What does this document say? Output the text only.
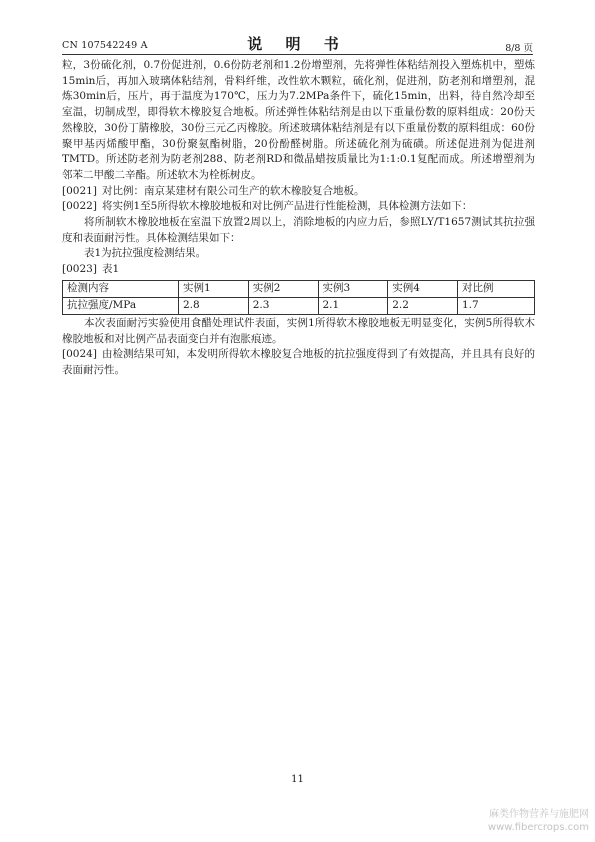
CN 107542249 A	说 明 书	8/8 页

粒，3份硫化剂，0.7份促进剂，0.6份防老剂和1.2份增塑剂，先将弹性体粘结剂投入塑炼机中，塑炼15min后，再加入玻璃体粘结剂，骨料纤维，改性软木颗粒，硫化剂，促进剂，防老剂和增塑剂，混炼30min后，压片，再于温度为170℃，压力为7.2MPa条件下，硫化15min，出料，待自然冷却至室温，切制成型，即得软木橡胶复合地板。所述弹性体粘结剂是由以下重量份数的原料组成：20份天然橡胶，30份丁腈橡胶，30份三元乙丙橡胶。所述玻璃体粘结剂是有以下重量份数的原料组成：60份聚甲基丙烯酸甲酯，30份聚氨酯树脂，20份酚醛树脂。所述硫化剂为硫磺。所述促进剂为促进剂TMTD。所述防老剂为防老剂288、防老剂RD和微晶蜡按质量比为1:1:0.1复配而成。所述增塑剂为邻苯二甲酸二辛酯。所述软木为栓栎树皮。

[0021] 对比例：南京某建材有限公司生产的软木橡胶复合地板。

[0022] 将实例1至5所得软木橡胶地板和对比例产品进行性能检测，具体检测方法如下：

将所制软木橡胶地板在室温下放置2周以上，消除地板的内应力后，参照LY/T1657测试其抗拉强度和表面耐污性。具体检测结果如下：

表1为抗拉强度检测结果。

[0023] 表1

检测内容	实例1	实例2	实例3	实例4	对比例
抗拉强度/MPa	2.8	2.3	2.1	2.2	1.7

本次表面耐污实验使用食醋处理试件表面，实例1所得软木橡胶地板无明显变化，实例5所得软木橡胶地板和对比例产品表面变白并有泡胀痕迹。

[0024] 由检测结果可知，本发明所得软木橡胶复合地板的抗拉强度得到了有效提高，并且具有良好的表面耐污性。

11
麻类作物营养与施肥网
www.fibercrops.com
